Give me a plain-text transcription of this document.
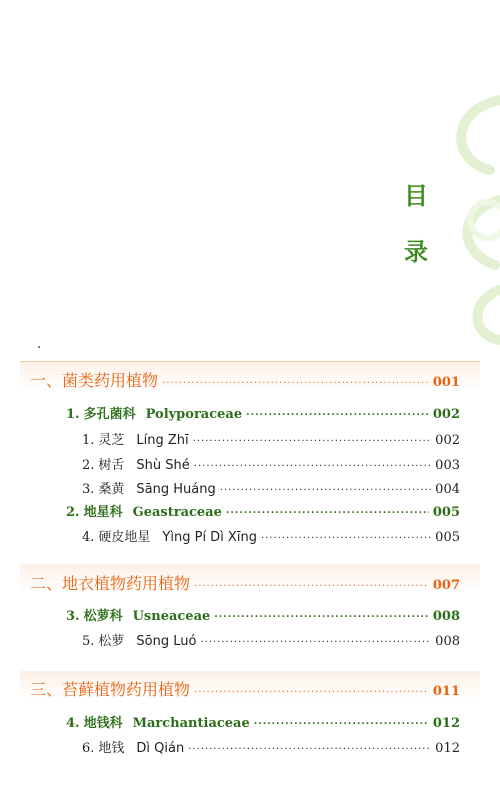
目
录
一、菌类药用植物 .....	001
1. 多孔菌科 Polyporaceae .....	002
1. 灵芝 Líng Zhī .....	002
2. 树舌 Shù Shé .....	003
3. 桑黄 Sāng Huáng .....	004
2. 地星科 Geastraceae .....	005
4. 硬皮地星 Yìng Pí Dì Xīng .....	005
二、地衣植物药用植物 .....	007
3. 松萝科 Usneaceae .....	008
5. 松萝 Sōng Luó .....	008
三、苔藓植物药用植物 .....	011
4. 地钱科 Marchantiaceae .....	012
6. 地钱 Dì Qián .....	012
